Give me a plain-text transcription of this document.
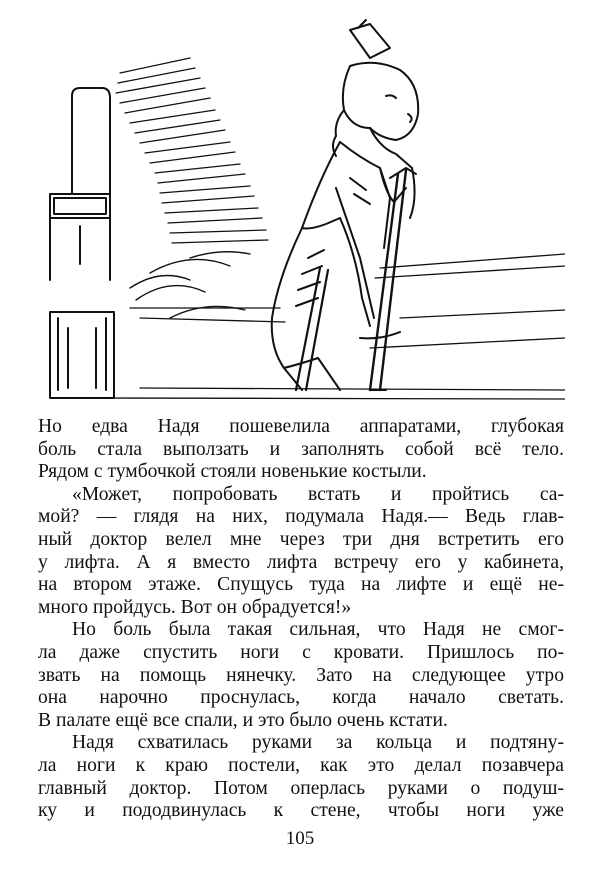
Но едва Надя пошевелила аппаратами, глубокая
боль стала выползать и заполнять собой всё тело.
Рядом с тумбочкой стояли новенькие костыли.
«Может, попробовать встать и пройтись са-
мой? — глядя на них, подумала Надя.— Ведь глав-
ный доктор велел мне через три дня встретить его
у лифта. А я вместо лифта встречу его у кабинета,
на втором этаже. Спущусь туда на лифте и ещё не-
много пройдусь. Вот он обрадуется!»
Но боль была такая сильная, что Надя не смог-
ла даже спустить ноги с кровати. Пришлось по-
звать на помощь нянечку. Зато на следующее утро
она нарочно проснулась, когда начало светать.
В палате ещё все спали, и это было очень кстати.
Надя схватилась руками за кольца и подтяну-
ла ноги к краю постели, как это делал позавчера
главный доктор. Потом оперлась руками о подуш-
ку и пододвинулась к стене, чтобы ноги уже
105
